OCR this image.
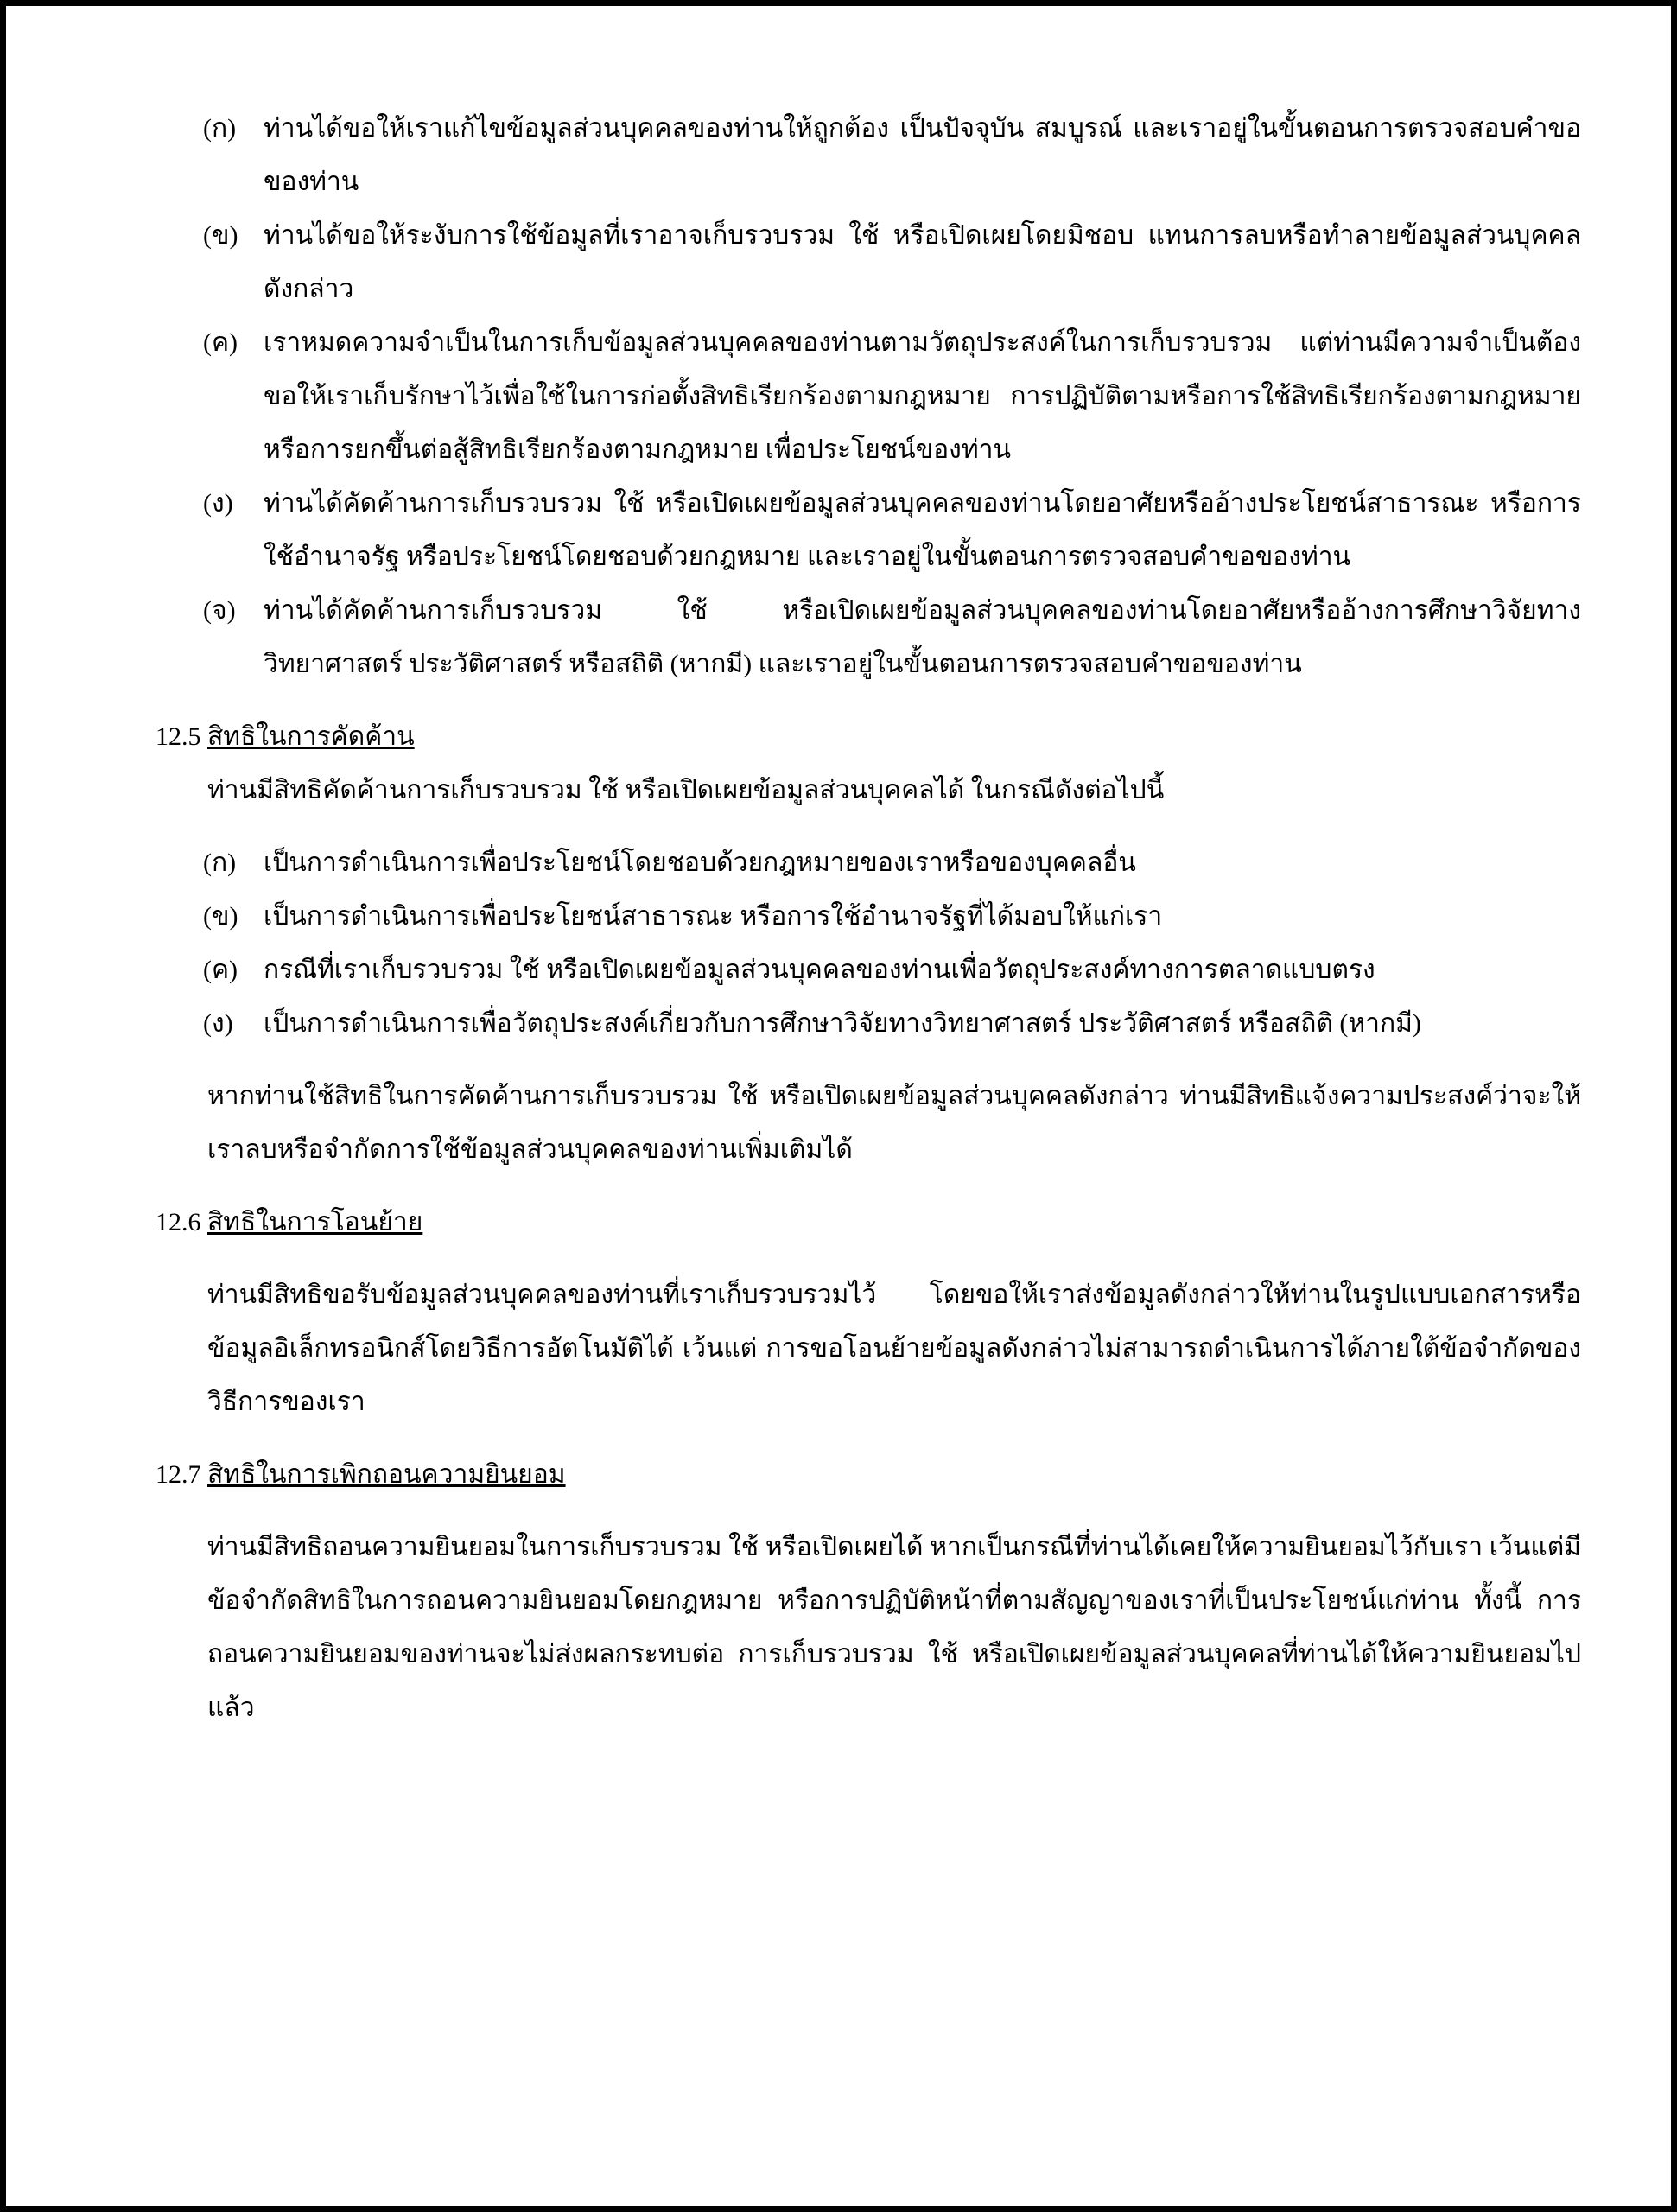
(ก) ท่านได้ขอให้เราแก้ไขข้อมูลส่วนบุคคลของท่านให้ถูกต้อง เป็นปัจจุบัน สมบูรณ์ และเราอยู่ในขั้นตอนการตรวจสอบคำขอของท่าน
(ข) ท่านได้ขอให้ระงับการใช้ข้อมูลที่เราอาจเก็บรวบรวม ใช้ หรือเปิดเผยโดยมิชอบ แทนการลบหรือทำลายข้อมูลส่วนบุคคลดังกล่าว
(ค) เราหมดความจำเป็นในการเก็บข้อมูลส่วนบุคคลของท่านตามวัตถุประสงค์ในการเก็บรวบรวม แต่ท่านมีความจำเป็นต้องขอให้เราเก็บรักษาไว้เพื่อใช้ในการก่อตั้งสิทธิเรียกร้องตามกฎหมาย การปฏิบัติตามหรือการใช้สิทธิเรียกร้องตามกฎหมายหรือการยกขึ้นต่อสู้สิทธิเรียกร้องตามกฎหมาย เพื่อประโยชน์ของท่าน
(ง) ท่านได้คัดค้านการเก็บรวบรวม ใช้ หรือเปิดเผยข้อมูลส่วนบุคคลของท่านโดยอาศัยหรืออ้างประโยชน์สาธารณะ หรือการใช้อำนาจรัฐ หรือประโยชน์โดยชอบด้วยกฎหมาย และเราอยู่ในขั้นตอนการตรวจสอบคำขอของท่าน
(จ) ท่านได้คัดค้านการเก็บรวบรวม ใช้ หรือเปิดเผยข้อมูลส่วนบุคคลของท่านโดยอาศัยหรืออ้างการศึกษาวิจัยทางวิทยาศาสตร์ ประวัติศาสตร์ หรือสถิติ (หากมี) และเราอยู่ในขั้นตอนการตรวจสอบคำขอของท่าน
12.5 สิทธิในการคัดค้าน
ท่านมีสิทธิคัดค้านการเก็บรวบรวม ใช้ หรือเปิดเผยข้อมูลส่วนบุคคลได้ ในกรณีดังต่อไปนี้
(ก) เป็นการดำเนินการเพื่อประโยชน์โดยชอบด้วยกฎหมายของเราหรือของบุคคลอื่น
(ข) เป็นการดำเนินการเพื่อประโยชน์สาธารณะ หรือการใช้อำนาจรัฐที่ได้มอบให้แก่เรา
(ค) กรณีที่เราเก็บรวบรวม ใช้ หรือเปิดเผยข้อมูลส่วนบุคคลของท่านเพื่อวัตถุประสงค์ทางการตลาดแบบตรง
(ง) เป็นการดำเนินการเพื่อวัตถุประสงค์เกี่ยวกับการศึกษาวิจัยทางวิทยาศาสตร์ ประวัติศาสตร์ หรือสถิติ (หากมี)
หากท่านใช้สิทธิในการคัดค้านการเก็บรวบรวม ใช้ หรือเปิดเผยข้อมูลส่วนบุคคลดังกล่าว ท่านมีสิทธิแจ้งความประสงค์ว่าจะให้เราลบหรือจำกัดการใช้ข้อมูลส่วนบุคคลของท่านเพิ่มเติมได้
12.6 สิทธิในการโอนย้าย
ท่านมีสิทธิขอรับข้อมูลส่วนบุคคลของท่านที่เราเก็บรวบรวมไว้ โดยขอให้เราส่งข้อมูลดังกล่าวให้ท่านในรูปแบบเอกสารหรือข้อมูลอิเล็กทรอนิกส์โดยวิธีการอัตโนมัติได้ เว้นแต่ การขอโอนย้ายข้อมูลดังกล่าวไม่สามารถดำเนินการได้ภายใต้ข้อจำกัดของวิธีการของเรา
12.7 สิทธิในการเพิกถอนความยินยอม
ท่านมีสิทธิถอนความยินยอมในการเก็บรวบรวม ใช้ หรือเปิดเผยได้ หากเป็นกรณีที่ท่านได้เคยให้ความยินยอมไว้กับเรา เว้นแต่มีข้อจำกัดสิทธิในการถอนความยินยอมโดยกฎหมาย หรือการปฏิบัติหน้าที่ตามสัญญาของเราที่เป็นประโยชน์แก่ท่าน ทั้งนี้ การถอนความยินยอมของท่านจะไม่ส่งผลกระทบต่อ การเก็บรวบรวม ใช้ หรือเปิดเผยข้อมูลส่วนบุคคลที่ท่านได้ให้ความยินยอมไปแล้ว
